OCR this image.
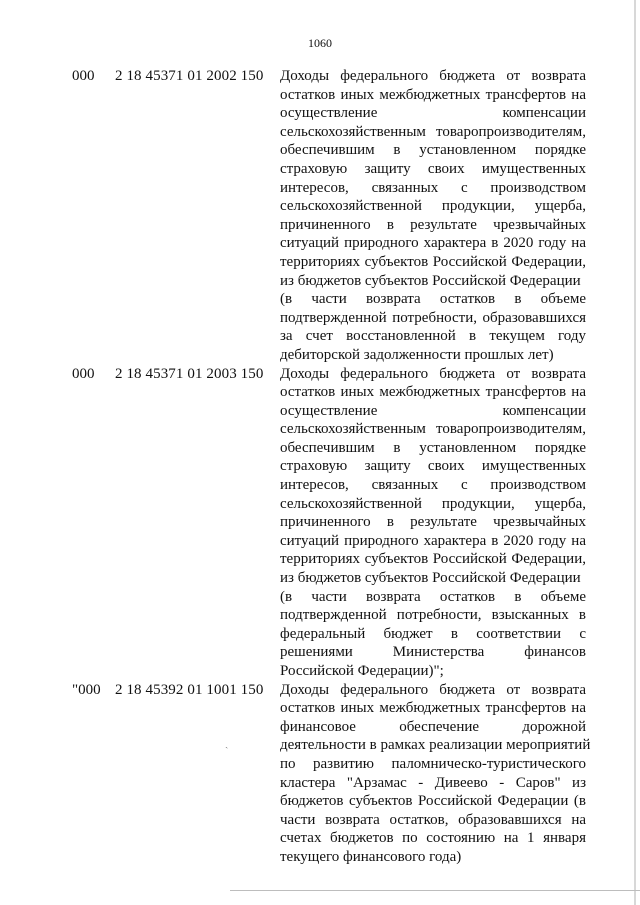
1060
000 2 18 45371 01 2002 150 Доходы федерального бюджета от возврата
остатков иных межбюджетных трансфертов на
осуществление компенсации
сельскохозяйственным товаропроизводителям,
обеспечившим в установленном порядке
страховую защиту своих имущественных
интересов, связанных с производством
сельскохозяйственной продукции, ущерба,
причиненного в результате чрезвычайных
ситуаций природного характера в 2020 году на
территориях субъектов Российской Федерации,
из бюджетов субъектов Российской Федерации
(в части возврата остатков в объеме
подтвержденной потребности, образовавшихся
за счет восстановленной в текущем году
дебиторской задолженности прошлых лет)
000 2 18 45371 01 2003 150 Доходы федерального бюджета от возврата
остатков иных межбюджетных трансфертов на
осуществление компенсации
сельскохозяйственным товаропроизводителям,
обеспечившим в установленном порядке
страховую защиту своих имущественных
интересов, связанных с производством
сельскохозяйственной продукции, ущерба,
причиненного в результате чрезвычайных
ситуаций природного характера в 2020 году на
территориях субъектов Российской Федерации,
из бюджетов субъектов Российской Федерации
(в части возврата остатков в объеме
подтвержденной потребности, взысканных в
федеральный бюджет в соответствии с
решениями Министерства финансов
Российской Федерации)";
"000 2 18 45392 01 1001 150 Доходы федерального бюджета от возврата
остатков иных межбюджетных трансфертов на
финансовое обеспечение дорожной
деятельности в рамках реализации мероприятий
по развитию паломническо-туристического
кластера "Арзамас - Дивеево - Саров" из
бюджетов субъектов Российской Федерации (в
части возврата остатков, образовавшихся на
счетах бюджетов по состоянию на 1 января
текущего финансового года)
ˎ
